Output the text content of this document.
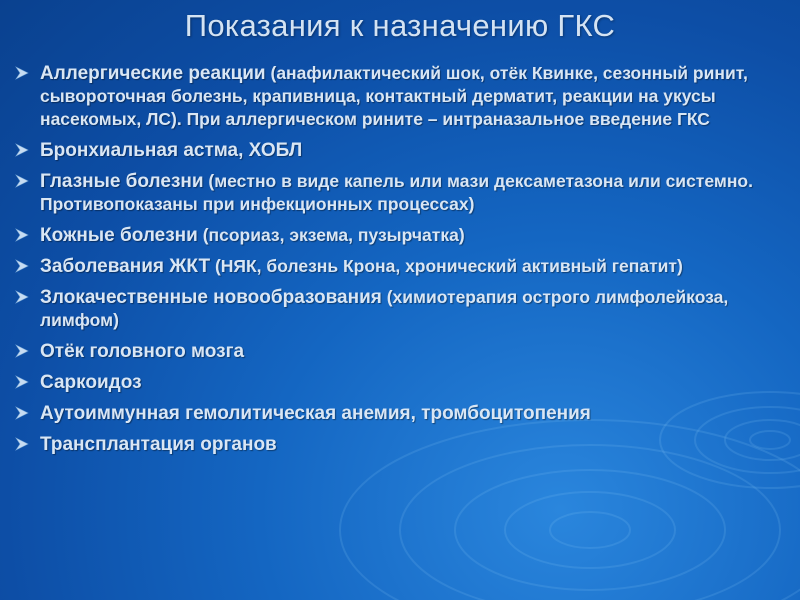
Показания к назначению ГКС
Аллергические реакции (анафилактический шок, отёк Квинке, сезонный ринит, сывороточная болезнь, крапивница, контактный дерматит, реакции на укусы насекомых, ЛС). При аллергическом рините – интраназальное введение ГКС
Бронхиальная астма, ХОБЛ
Глазные болезни (местно в виде капель или мази дексаметазона или системно. Противопоказаны при инфекционных процессах)
Кожные болезни (псориаз, экзема, пузырчатка)
Заболевания ЖКТ (НЯК, болезнь Крона, хронический активный гепатит)
Злокачественные новообразования (химиотерапия острого лимфолейкоза, лимфом)
Отёк головного мозга
Саркоидоз
Аутоиммунная гемолитическая анемия, тромбоцитопения
Трансплантация органов
